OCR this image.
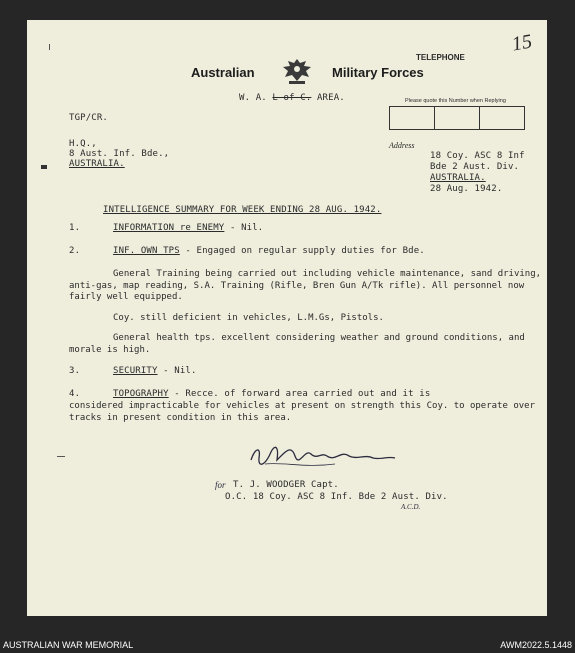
Australian	Military Forces
TELEPHONE
15
W. A. L of C. AREA.	Please quote this Number when Replying
Address
TGP/CR.
H.Q.,
8 Aust. Inf. Bde.,
AUSTRALIA.
18 Coy. ASC 8 Inf
Bde 2 Aust. Div.
AUSTRALIA.
28 Aug. 1942.
INTELLIGENCE SUMMARY FOR WEEK ENDING 28 AUG. 1942.
1.	INFORMATION re ENEMY - Nil.
2.	INF. OWN TPS - Engaged on regular supply duties for Bde.
General Training being carried out including vehicle maintenance, sand driving, anti-gas, map reading, S.A. Training (Rifle, Bren Gun A/Tk rifle). All personnel now fairly well equipped.
Coy. still deficient in vehicles, L.M.Gs, Pistols.
General health tps. excellent considering weather and ground conditions, and morale is high.
3.	SECURITY - Nil.
4.	TOPOGRAPHY - Recce. of forward area carried out and it is
considered impracticable for vehicles at present on strength this Coy. to operate over tracks in present condition in this area.
for T. J. WOODGER Capt.
O.C. 18 Coy. ASC 8 Inf. Bde 2 Aust. Div.
A.C.D.
AUSTRALIAN WAR MEMORIAL	AWM2022.5.1448
